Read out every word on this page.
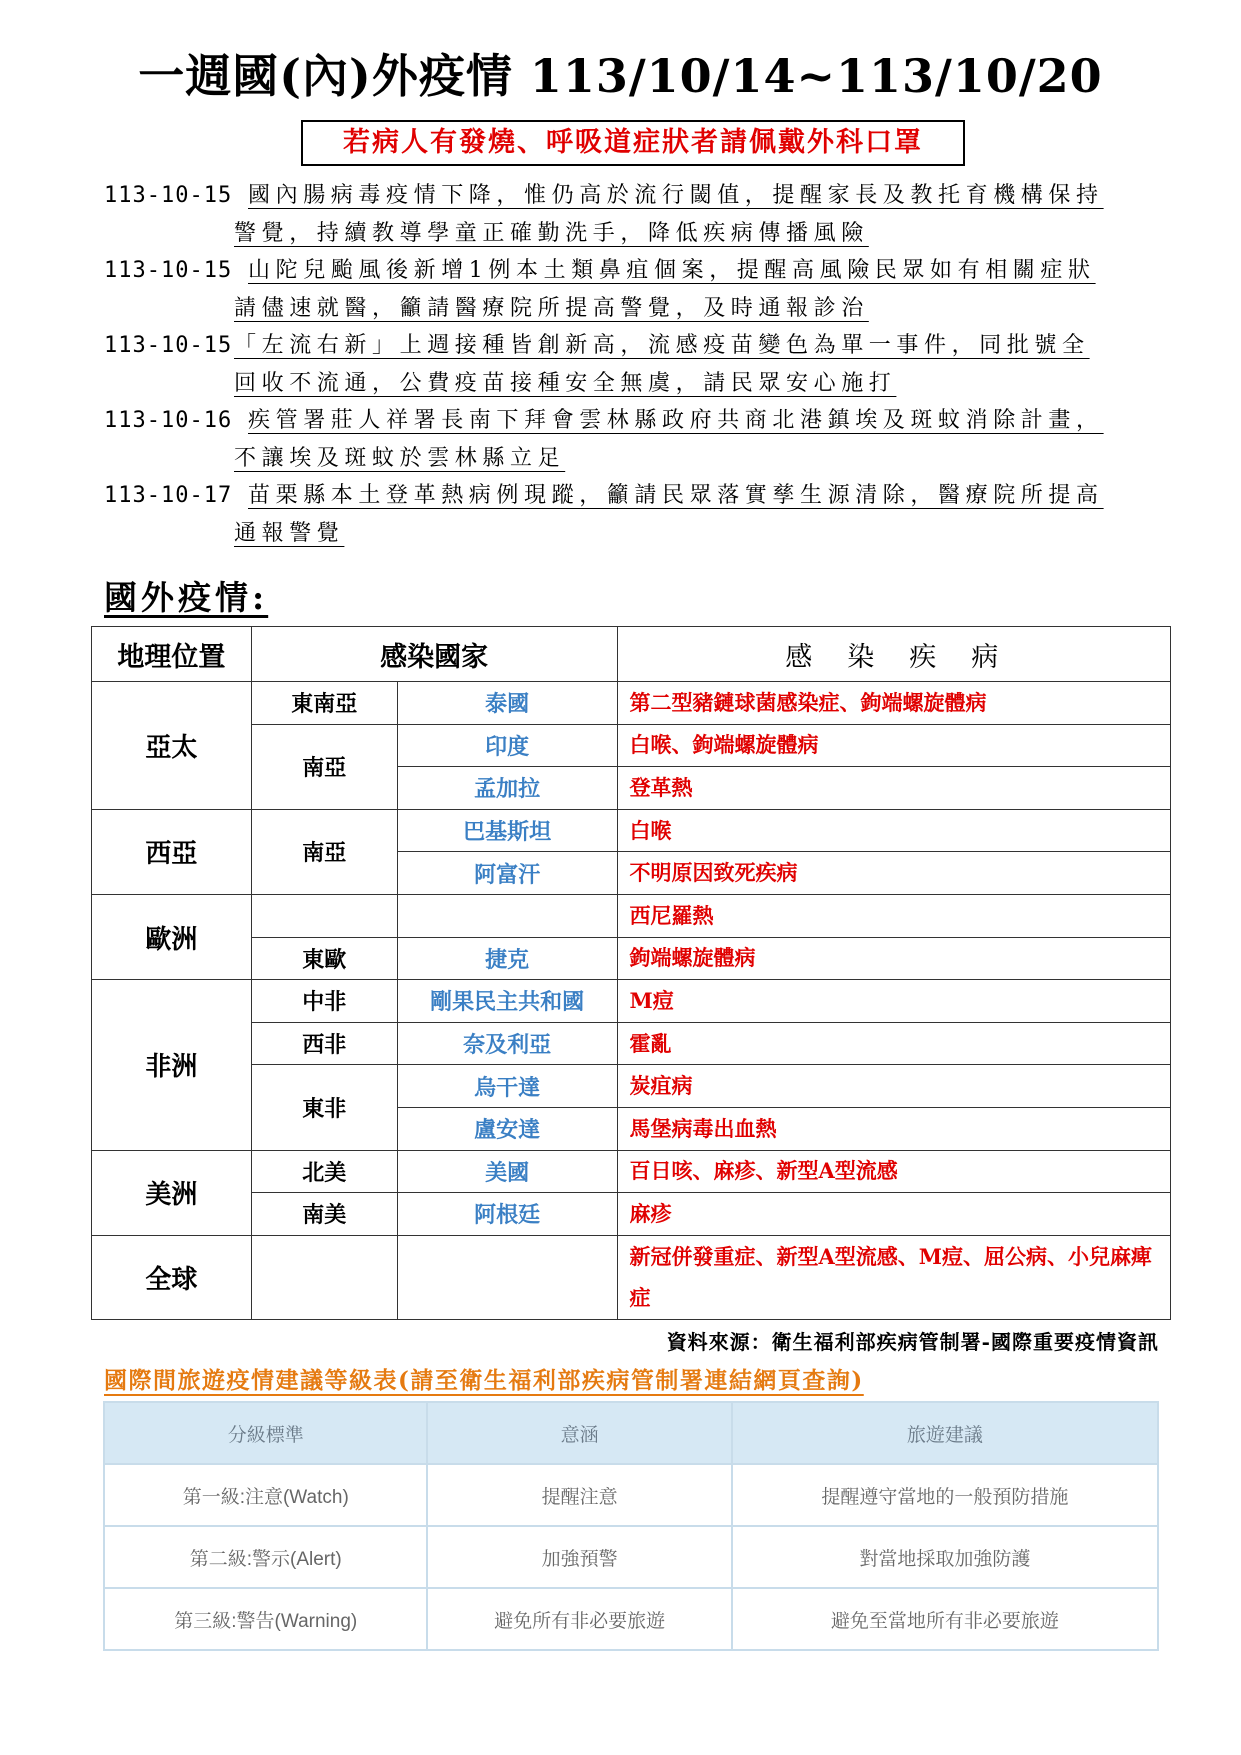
一週國(內)外疫情 113/10/14~113/10/20
若病人有發燒、呼吸道症狀者請佩戴外科口罩
113-10-15 國內腸病毒疫情下降，惟仍高於流行閾值，提醒家長及教托育機構保持
警覺，持續教導學童正確勤洗手，降低疾病傳播風險
113-10-15 山陀兒颱風後新增1例本土類鼻疽個案，提醒高風險民眾如有相關症狀
請儘速就醫，籲請醫療院所提高警覺，及時通報診治
113-10-15 「左流右新」上週接種皆創新高，流感疫苗變色為單一事件，同批號全
回收不流通，公費疫苗接種安全無虞，請民眾安心施打
113-10-16 疾管署莊人祥署長南下拜會雲林縣政府共商北港鎮埃及斑蚊消除計畫，
不讓埃及斑蚊於雲林縣立足
113-10-17 苗栗縣本土登革熱病例現蹤，籲請民眾落實孳生源清除，醫療院所提高
通報警覺
國外疫情:
地理位置	感染國家		感　染　疾　病
亞太	東南亞	泰國	第二型豬鏈球菌感染症、鉤端螺旋體病
	南亞	印度	白喉、鉤端螺旋體病
		孟加拉	登革熱
西亞	南亞	巴基斯坦	白喉
		阿富汗	不明原因致死疾病
歐洲			西尼羅熱
	東歐	捷克	鉤端螺旋體病
非洲	中非	剛果民主共和國	M痘
	西非	奈及利亞	霍亂
	東非	烏干達	炭疽病
		盧安達	馬堡病毒出血熱
美洲	北美	美國	百日咳、麻疹、新型A型流感
	南美	阿根廷	麻疹
全球			新冠併發重症、新型A型流感、M痘、屈公病、小兒麻痺症
資料來源：衛生福利部疾病管制署-國際重要疫情資訊
國際間旅遊疫情建議等級表(請至衛生福利部疾病管制署連結網頁查詢)
分級標準	意涵	旅遊建議
第一級:注意(Watch)	提醒注意	提醒遵守當地的一般預防措施
第二級:警示(Alert)	加強預警	對當地採取加強防護
第三級:警告(Warning)	避免所有非必要旅遊	避免至當地所有非必要旅遊
